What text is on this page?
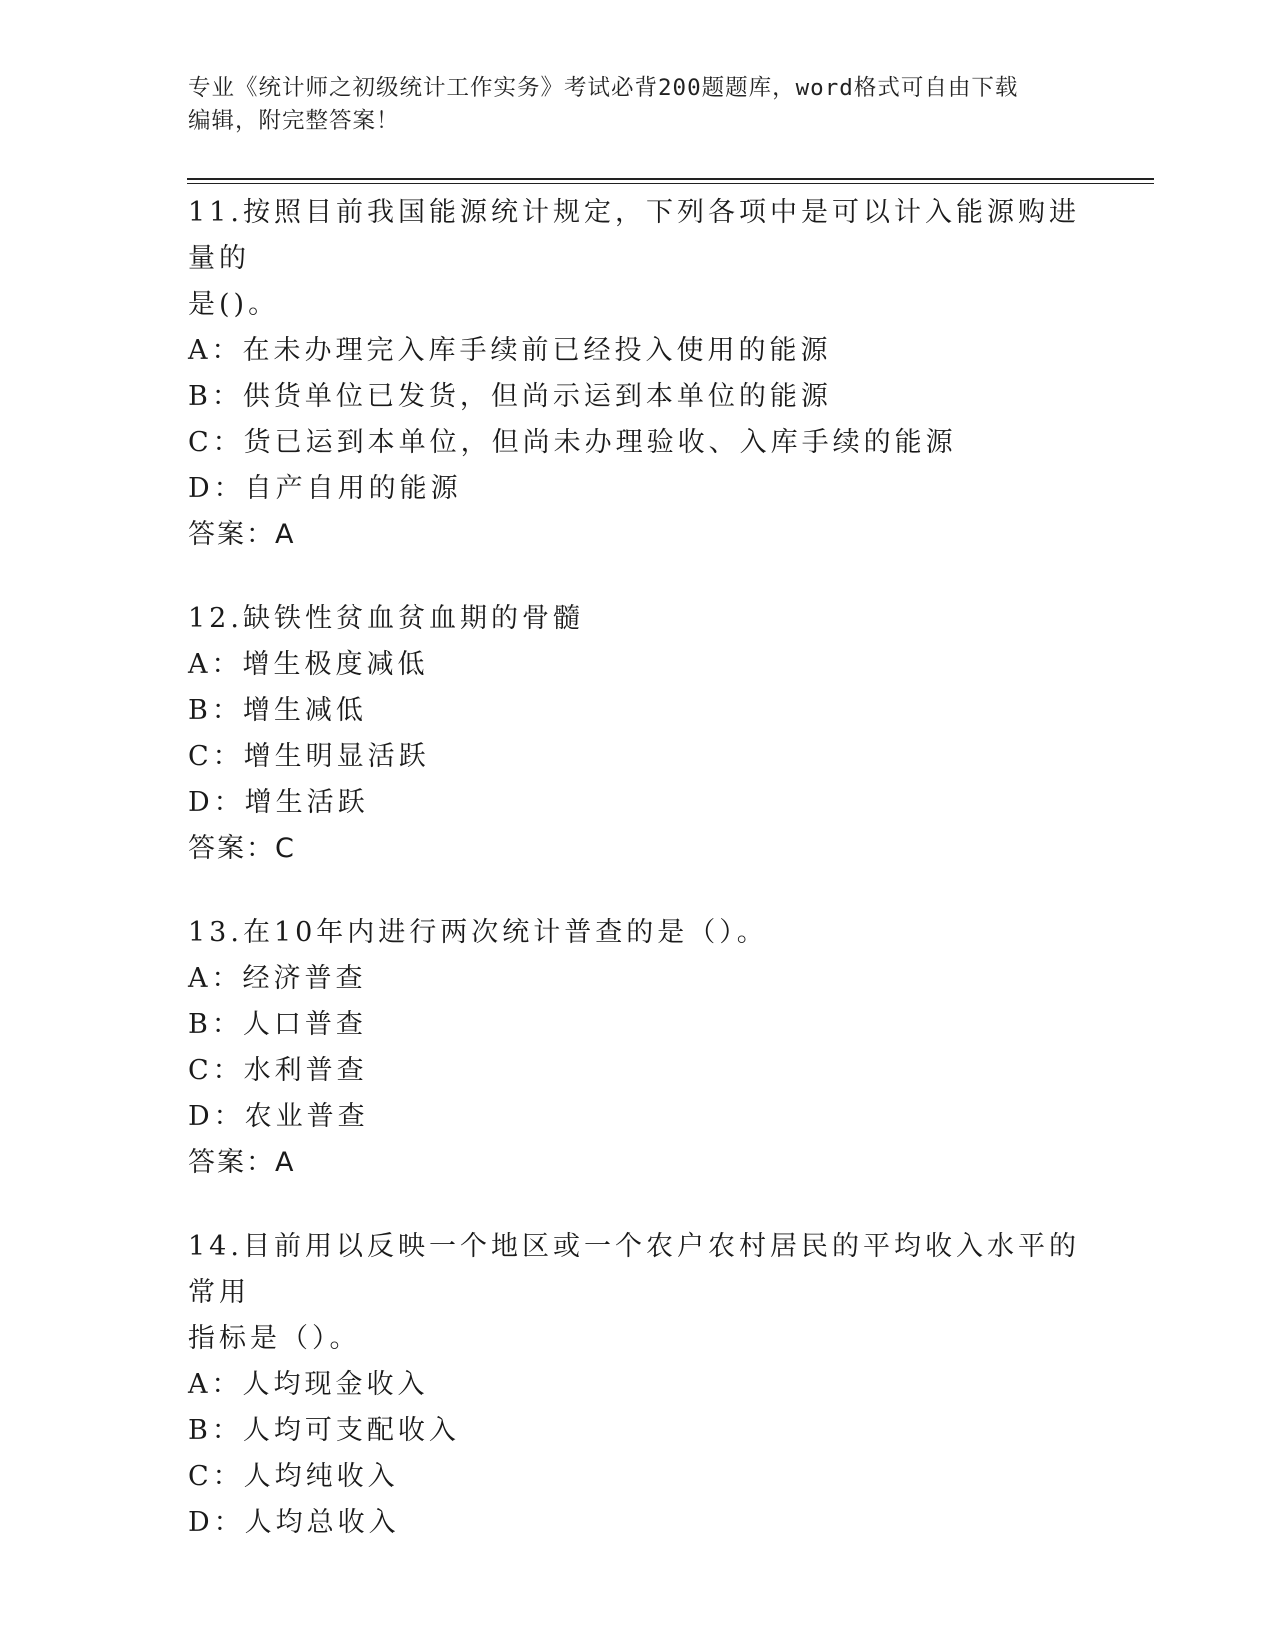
专业《统计师之初级统计工作实务》考试必背200题题库，word格式可自由下载
编辑，附完整答案！
11.按照目前我国能源统计规定，下列各项中是可以计入能源购进量的
是()。

A：在未办理完入库手续前已经投入使用的能源

B：供货单位已发货，但尚示运到本单位的能源

C：货已运到本单位，但尚未办理验收、入库手续的能源

D：自产自用的能源

答案：A

12.缺铁性贫血贫血期的骨髓

A：增生极度减低

B：增生减低

C：增生明显活跃

D：增生活跃

答案：C

13.在10年内进行两次统计普查的是（）。

A：经济普查

B：人口普查

C：水利普查

D：农业普查

答案：A

14.目前用以反映一个地区或一个农户农村居民的平均收入水平的常用
指标是（）。

A：人均现金收入

B：人均可支配收入

C：人均纯收入

D：人均总收入
